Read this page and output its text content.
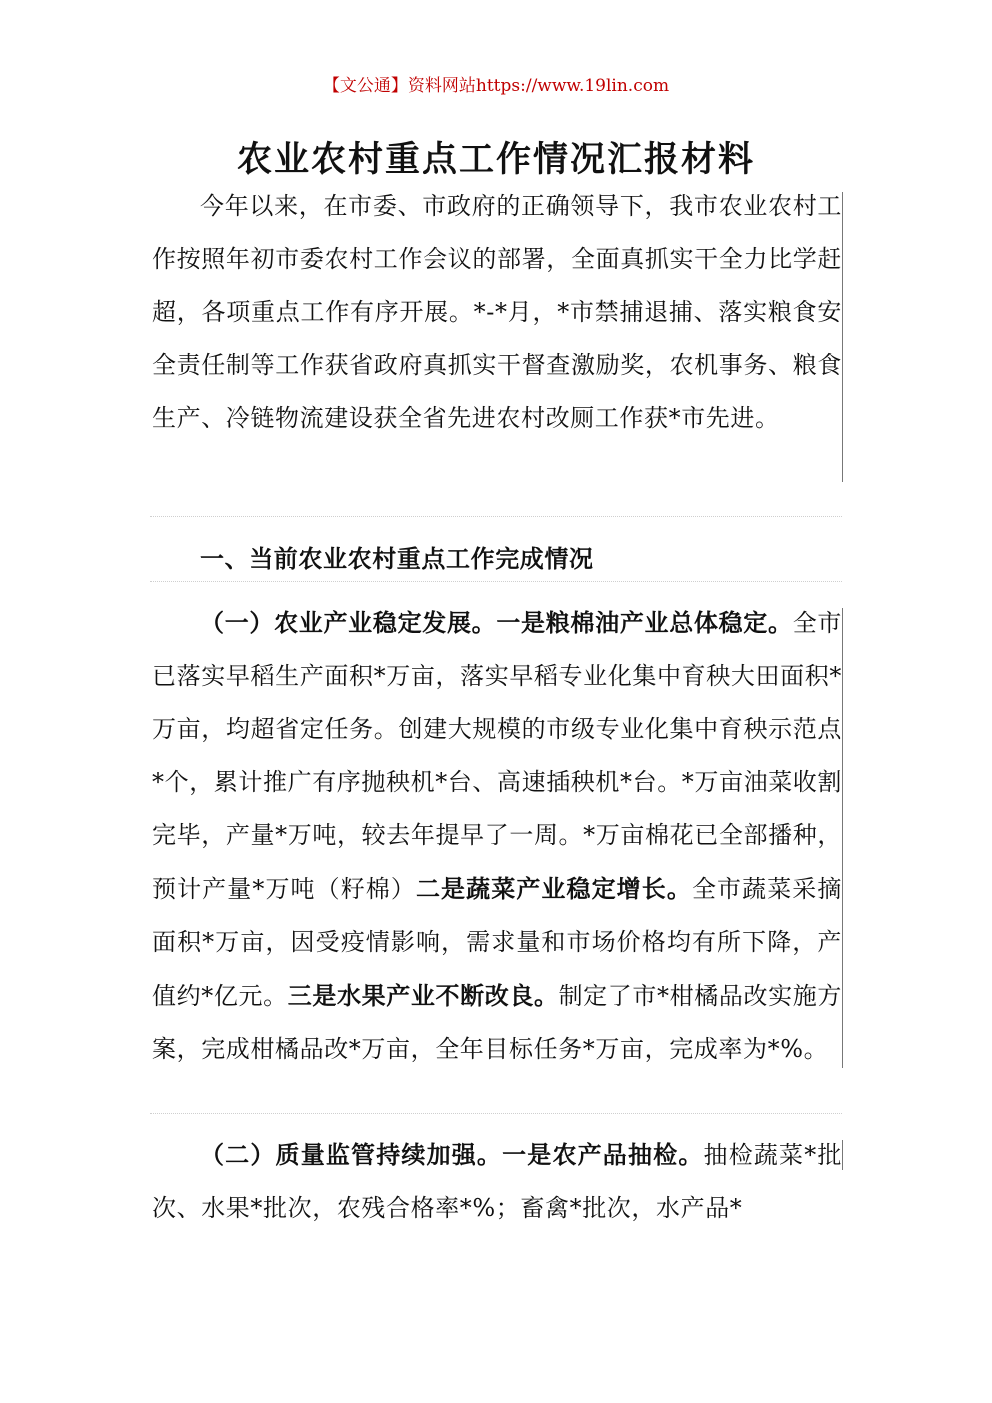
【文公通】资料网站https://www.19lin.com
农业农村重点工作情况汇报材料
今年以来，在市委、市政府的正确领导下，我市农业农村工作按照年初市委农村工作会议的部署，全面真抓实干全力比学赶超，各项重点工作有序开展。*-*月，*市禁捕退捕、落实粮食安全责任制等工作获省政府真抓实干督查激励奖，农机事务、粮食生产、冷链物流建设获全省先进农村改厕工作获*市先进。
一、当前农业农村重点工作完成情况
（一）农业产业稳定发展。一是粮棉油产业总体稳定。全市已落实早稻生产面积*万亩，落实早稻专业化集中育秧大田面积*万亩，均超省定任务。创建大规模的市级专业化集中育秧示范点*个，累计推广有序抛秧机*台、高速插秧机*台。*万亩油菜收割完毕，产量*万吨，较去年提早了一周。*万亩棉花已全部播种，预计产量*万吨（籽棉）二是蔬菜产业稳定增长。全市蔬菜采摘面积*万亩，因受疫情影响，需求量和市场价格均有所下降，产值约*亿元。三是水果产业不断改良。制定了市*柑橘品改实施方案，完成柑橘品改*万亩，全年目标任务*万亩，完成率为*%。
（二）质量监管持续加强。一是农产品抽检。抽检蔬菜*批次、水果*批次，农残合格率*%；畜禽*批次，水产品*
